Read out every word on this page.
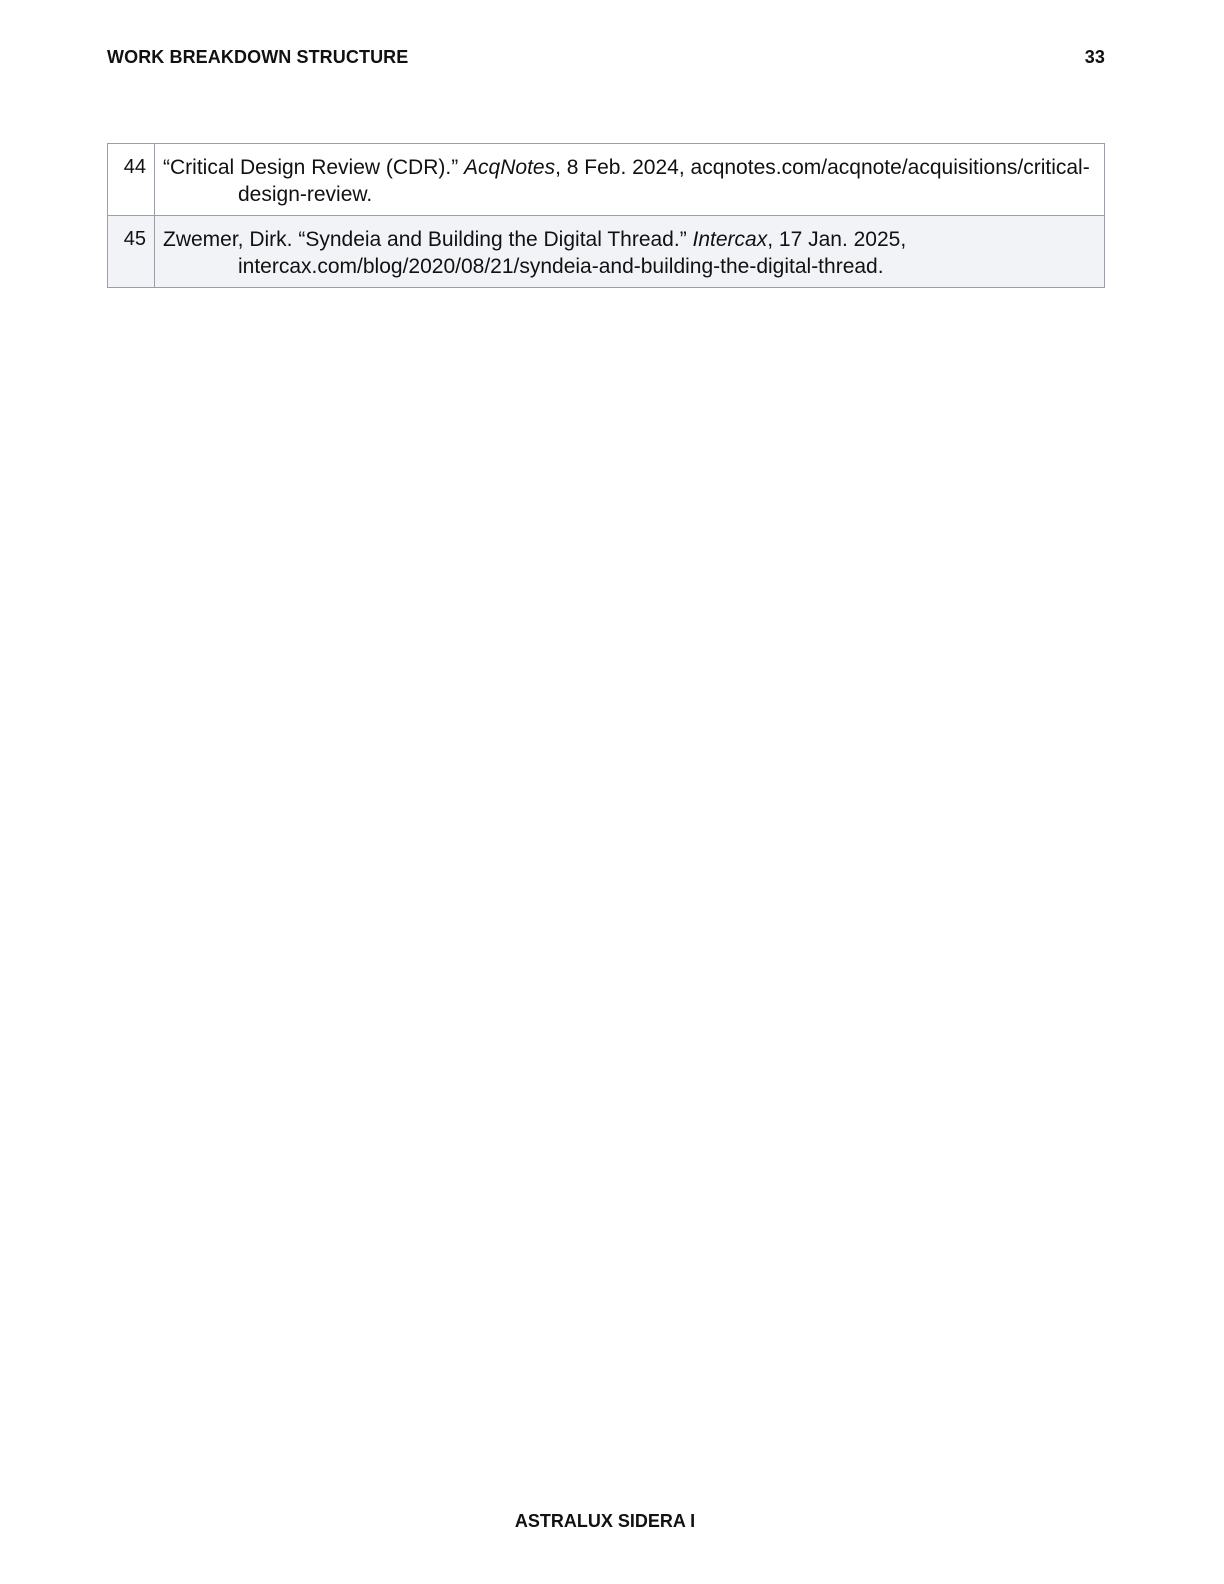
WORK BREAKDOWN STRUCTURE	33
44	“Critical Design Review (CDR).” AcqNotes, 8 Feb. 2024, acqnotes.com/acqnote/acquisitions/critical-design-review.

45	Zwemer, Dirk. “Syndeia and Building the Digital Thread.” Intercax, 17 Jan. 2025, intercax.com/blog/2020/08/21/syndeia-and-building-the-digital-thread.
ASTRALUX SIDERA I
